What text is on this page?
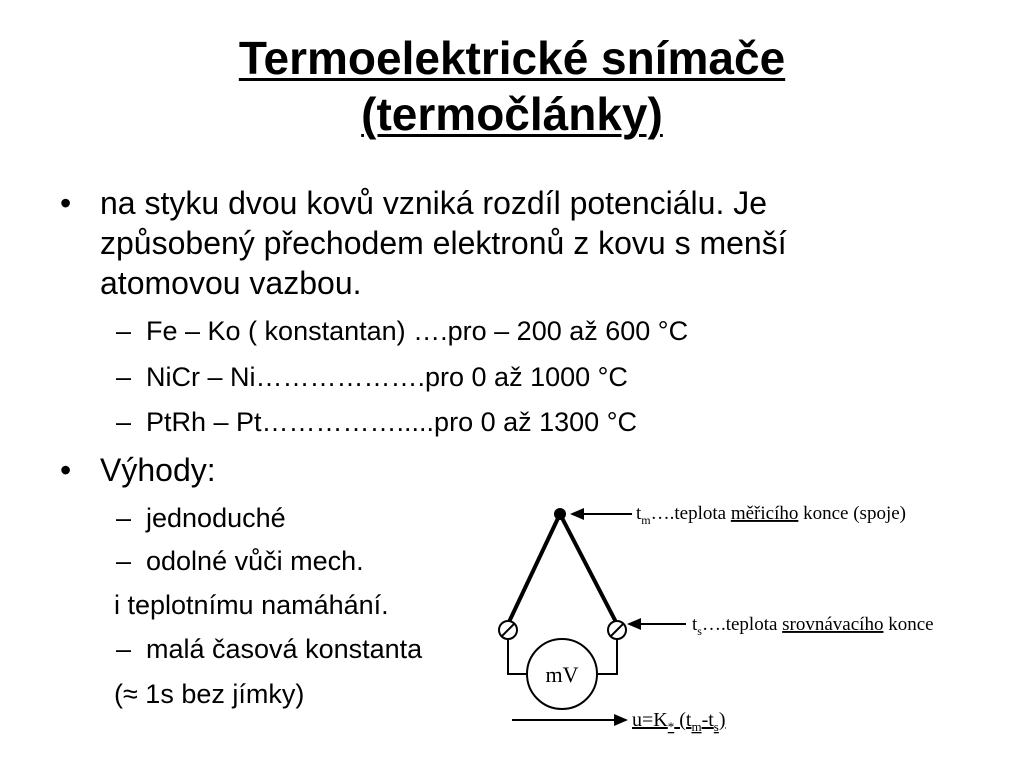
Termoelektrické snímače
(termočlánky)
• na styku dvou kovů vzniká rozdíl potenciálu. Je
způsobený přechodem elektronů z kovu s menší
atomovou vazbou.
– Fe – Ko ( konstantan) ….pro – 200 až 600 °C
– NiCr – Ni……………….pro 0 až 1000 °C
– PtRh – Pt…………….....pro 0 až 1300 °C
• Výhody:
– jednoduché
– odolné vůči mech.
i teplotnímu namáhání.
– malá časová konstanta
(≈ 1s bez jímky)
mV
$t_m\dots.teplota$ měřicího konce (spoje)
$t_s\dots.teplota$ srovnávacího konce
$u=K_*$ $(t_m-t_s)$
